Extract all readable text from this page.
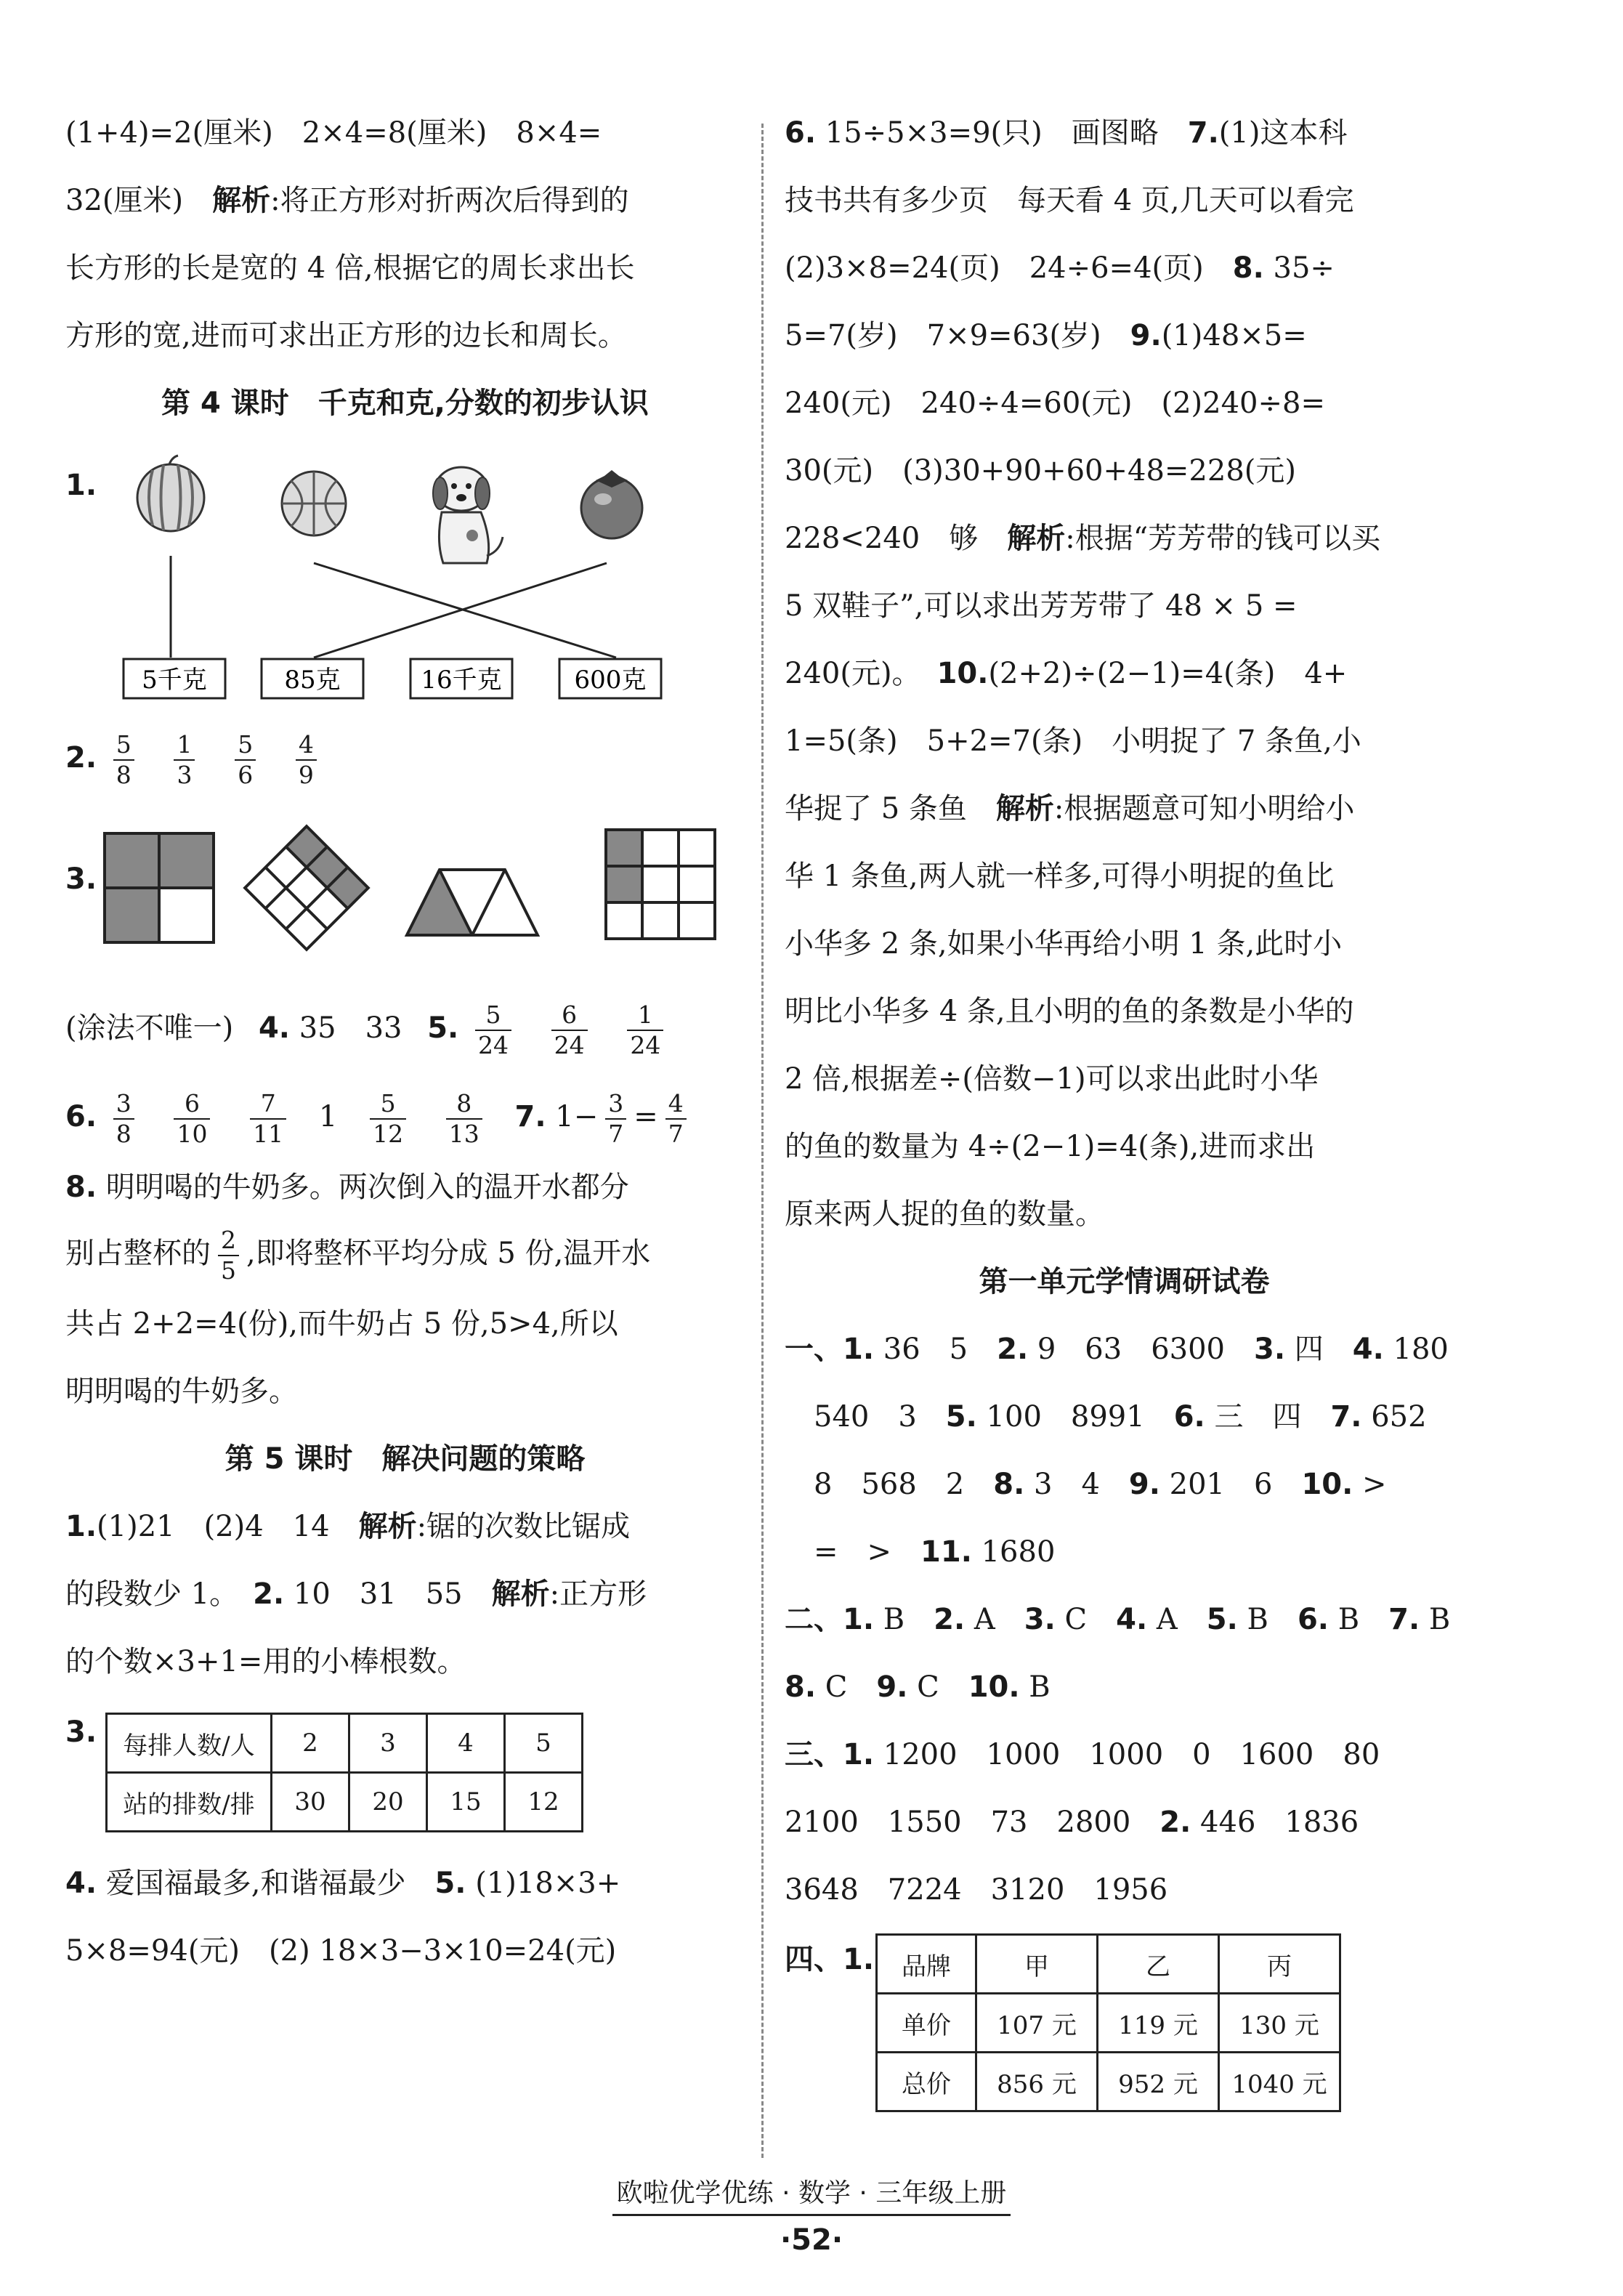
(1+4)=2(厘米)　2×4=8(厘米)　8×4=
32(厘米)　解析:将正方形对折两次后得到的
长方形的长是宽的 4 倍,根据它的周长求出长
方形的宽,进而可求出正方形的边长和周长。
第 4 课时　千克和克,分数的初步认识
1.
5千克	85克	16千克	600克
2. $\frac{5}{8}$
$\frac{1}{3}$
$\frac{5}{6}$
$\frac{4}{9}$
3.
(涂法不唯一) 4. 35　33 5. $\frac{5}{24}$
$\frac{6}{24}$
$\frac{1}{24}$
6. $\frac{3}{8}$
$\frac{6}{10}$
$\frac{7}{11} 1 \frac{5}{12}$
$\frac{8}{13} 7$. $1- \frac{3}{7} = \frac{4}{7}$
8. 明明喝的牛奶多。两次倒入的温开水都分
别占整杯的 $\frac{2}{5}$ ,即将整杯平均分成 5 份,温开水
共占 2+2=4(份),而牛奶占 5 份,5>4,所以
明明喝的牛奶多。
第 5 课时　解决问题的策略
1.(1)21　(2)4　14　解析:锯的次数比锯成
的段数少 1。　2. 10　31　55　解析:正方形
的个数×3+1=用的小棒根数。
3. 每排人数/人	2	3	4	5
站的排数/排	30	20	15	12
4. 爱国福最多,和谐福最少　5. (1)18×3+
5×8=94(元)　(2) 18×3−3×10=24(元)
6. 15÷5×3=9(只)　画图略　7.(1)这本科
技书共有多少页　每天看 4 页,几天可以看完
(2)3×8=24(页)　24÷6=4(页)　8. 35÷
5=7(岁)　7×9=63(岁)　9.(1)48×5=
240(元)　240÷4=60(元)　(2)240÷8=
30(元)　(3)30+90+60+48=228(元)
228<240　够　解析:根据“芳芳带的钱可以买
5 双鞋子”,可以求出芳芳带了 48 × 5 =
240(元)。 10.(2+2)÷(2−1)=4(条)　4+
1=5(条)　5+2=7(条)　小明捉了 7 条鱼,小
华捉了 5 条鱼　解析:根据题意可知小明给小
华 1 条鱼,两人就一样多,可得小明捉的鱼比
小华多 2 条,如果小华再给小明 1 条,此时小
明比小华多 4 条,且小明的鱼的条数是小华的
2 倍,根据差÷(倍数−1)可以求出此时小华
的鱼的数量为 4÷(2−1)=4(条),进而求出
原来两人捉的鱼的数量。
第一单元学情调研试卷
一、1. 36　5　2. 9　63　6300　3. 四　4. 180
540　3　5. 100　8991　6. 三　四　7. 652
8　568　2　8. 3　4　9. 201　6　10. >
=　>　11. 1680
二、1. B　2. A　3. C　4. A　5. B　6. B　7. B
8. C　9. C　10. B
三、1. 1200　1000　1000　0　1600　80
2100　1550　73　2800　2. 446　1836
3648　7224　3120　1956
四、1. 品牌	甲	乙	丙
单价	107 元	119 元	130 元
总价	856 元	952 元	1040 元
欧啦优学优练 · 数学 · 三年级上册
·52·
